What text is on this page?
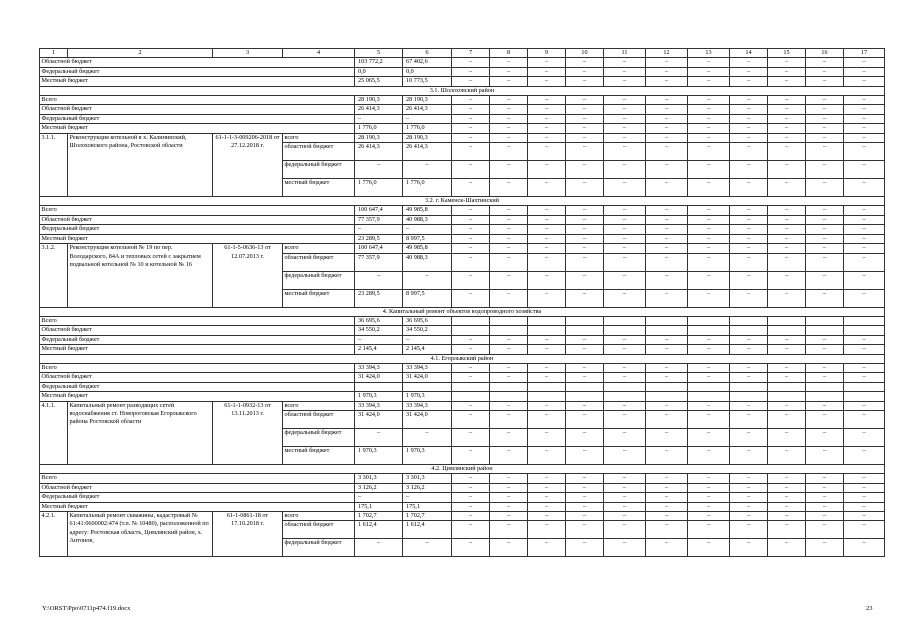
1	2	3	4	5	6	7	8	9	10	11	12	13	14	15	16	17
Областной бюджет				103 772,2	67 402,6	–	–	–	–	–	–	–	–	–	–	–
Федеральный бюджет				0,0	0,0	–	–	–	–	–	–	–	–	–	–	–
Местный бюджет				25 065,5	10 773,5	–	–	–	–	–	–	–	–	–	–	–
3.1. Шолоховский район																
Всего				28 190,3	28 190,3	–	–	–	–	–	–	–	–	–	–	–
Областной бюджет				26 414,3	26 414,3	–	–	–	–	–	–	–	–	–	–	–
Федеральный бюджет				–	–	–	–	–	–	–	–	–	–	–	–	–
Местный бюджет				1 776,0	1 776,0	–	–	–	–	–	–	–	–	–	–	–
3.1.1.	Реконструкция котельной в х. Калининский, Шолоховского района, Ростовской области	61-1-1-3-009206-2018 от 27.12.2018 г.	всего	28 190,3	28 190,3	–	–	–	–	–	–	–	–	–	–	–
			областной бюджет	26 414,3	26 414,3	–	–	–	–	–	–	–	–	–	–	–
			федеральный бюджет	–	–	–	–	–	–	–	–	–	–	–	–	–
			местный бюджет	1 776,0	1 776,0	–	–	–	–	–	–	–	–	–	–	–
3.2. г. Каменск-Шахтинский																
Всего				100 647,4	49 985,8	–	–	–	–	–	–	–	–	–	–	–
Областной бюджет				77 357,9	40 988,3	–	–	–	–	–	–	–	–	–	–	–
Федеральный бюджет				–	–	–	–	–	–	–	–	–	–	–	–	–
Местный бюджет				23 289,5	8 997,5	–	–	–	–	–	–	–	–	–	–	–
3.1.2.	Реконструкция котельной № 19 по пер. Володарского, 84А и тепловых сетей с закрытием подвальной котельной № 10 и котельной № 16	61-1-5-0636-13 от 12.07.2013 г.	всего	100 647,4	49 985,8	–	–	–	–	–	–	–	–	–	–	–
			областной бюджет	77 357,9	40 988,3	–	–	–	–	–	–	–	–	–	–	–
			федеральный бюджет	–	–	–	–	–	–	–	–	–	–	–	–	–
			местный бюджет	23 289,5	8 997,5	–	–	–	–	–	–	–	–	–	–	–
4. Капитальный ремонт объектов водопроводного хозяйства																
Всего				36 695,6	36 695,6											
Областной бюджет				34 550,2	34 550,2											
Федеральный бюджет				–	–	–	–	–	–	–	–	–	–	–	–	–
Местный бюджет				2 145,4	2 145,4	–	–	–	–	–	–	–	–	–	–	–
4.1. Егорлыкский район																
Всего				33 394,3	33 394,3	–	–	–	–	–	–	–	–	–	–	–
Областной бюджет				31 424,0	31 424,0	–	–	–	–	–	–	–	–	–	–	–
Федеральный бюджет																
Местный бюджет				1 970,3	1 970,3											
4.1.1.	Капитальный ремонт разводящих сетей водоснабжения ст. Новороговская Егорлыкского района Ростовской области	61-1-1-0932-13 от 13.11.2013 г.	всего	33 394,3	33 394,3	–	–	–	–	–	–	–	–	–	–	–
			областной бюджет	31 424,0	31 424,0	–	–	–	–	–	–	–	–	–	–	–
			федеральный бюджет	–	–	–	–	–	–	–	–	–	–	–	–	–
			местный бюджет	1 970,3	1 970,3	–	–	–	–	–	–	–	–	–	–	–
4.2. Цимлянский район																
Всего				3 301,3	3 301,3	–	–	–	–	–	–	–	–	–	–	–
Областной бюджет				3 126,2	3 126,2	–	–	–	–	–	–	–	–	–	–	–
Федеральный бюджет				–	–	–	–	–	–	–	–	–	–	–	–	–
Местный бюджет				175,1	175,1	–	–	–	–	–	–	–	–	–	–	–
4.2.1.	Капитальный ремонт скважины, кадастровый № 61:41:0600002:474 (т.п. № 10480), расположенной по адресу: Ростовская область, Цимлянский район, х. Антонов,	61-1-0861-18 от 17.10.2018 г.	всего	1 702,7	1 702,7	–	–	–	–	–	–	–	–	–	–	–
			областной бюджет	1 612,4	1 612,4	–	–	–	–	–	–	–	–	–	–	–
			федеральный бюджет	–	–	–	–	–	–	–	–	–	–	–	–	–
Y:\ORST\Ppo\0711p474.f19.docx	23
